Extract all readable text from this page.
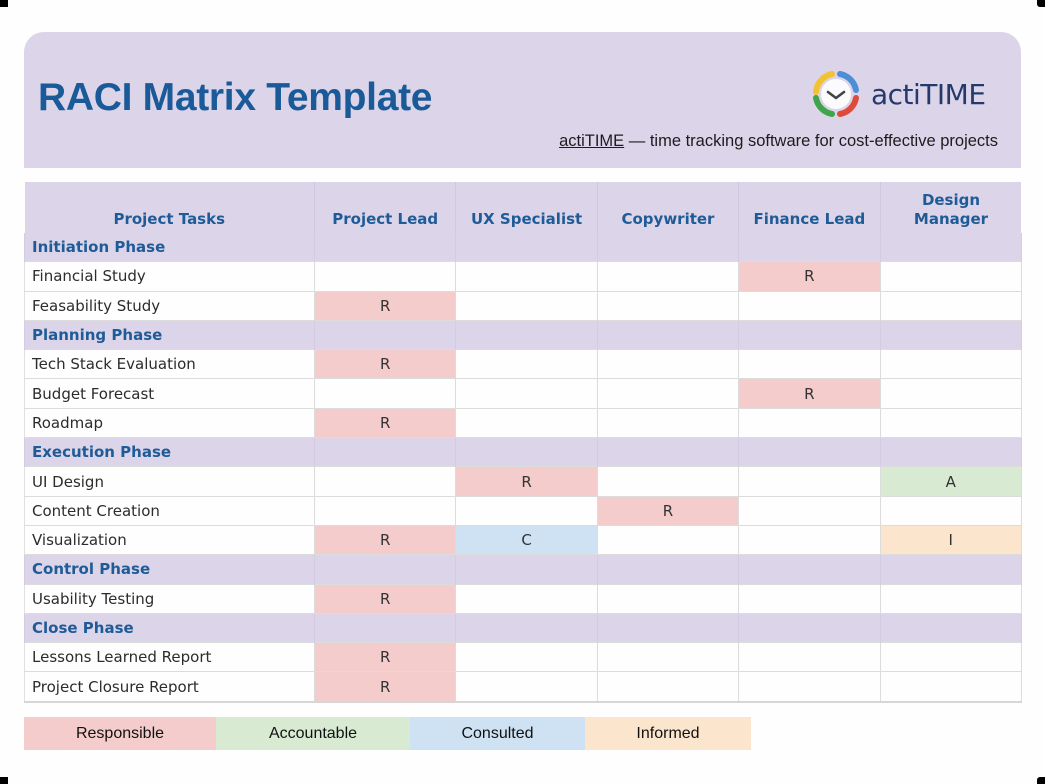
RACI Matrix Template	actiTIME
actiTIME — time tracking software for cost-effective projects
Project Tasks	Project Lead	UX Specialist	Copywriter	Finance Lead	Design Manager
Initiation Phase					
Financial Study				R	
Feasability Study	R				
Planning Phase					
Tech Stack Evaluation	R				
Budget Forecast				R	
Roadmap	R				
Execution Phase					
UI Design		R			A
Content Creation			R		
Visualization	R	C			I
Control Phase					
Usability Testing	R				
Close Phase					
Lessons Learned Report	R				
Project Closure Report	R				
Responsible	Accountable	Consulted	Informed
